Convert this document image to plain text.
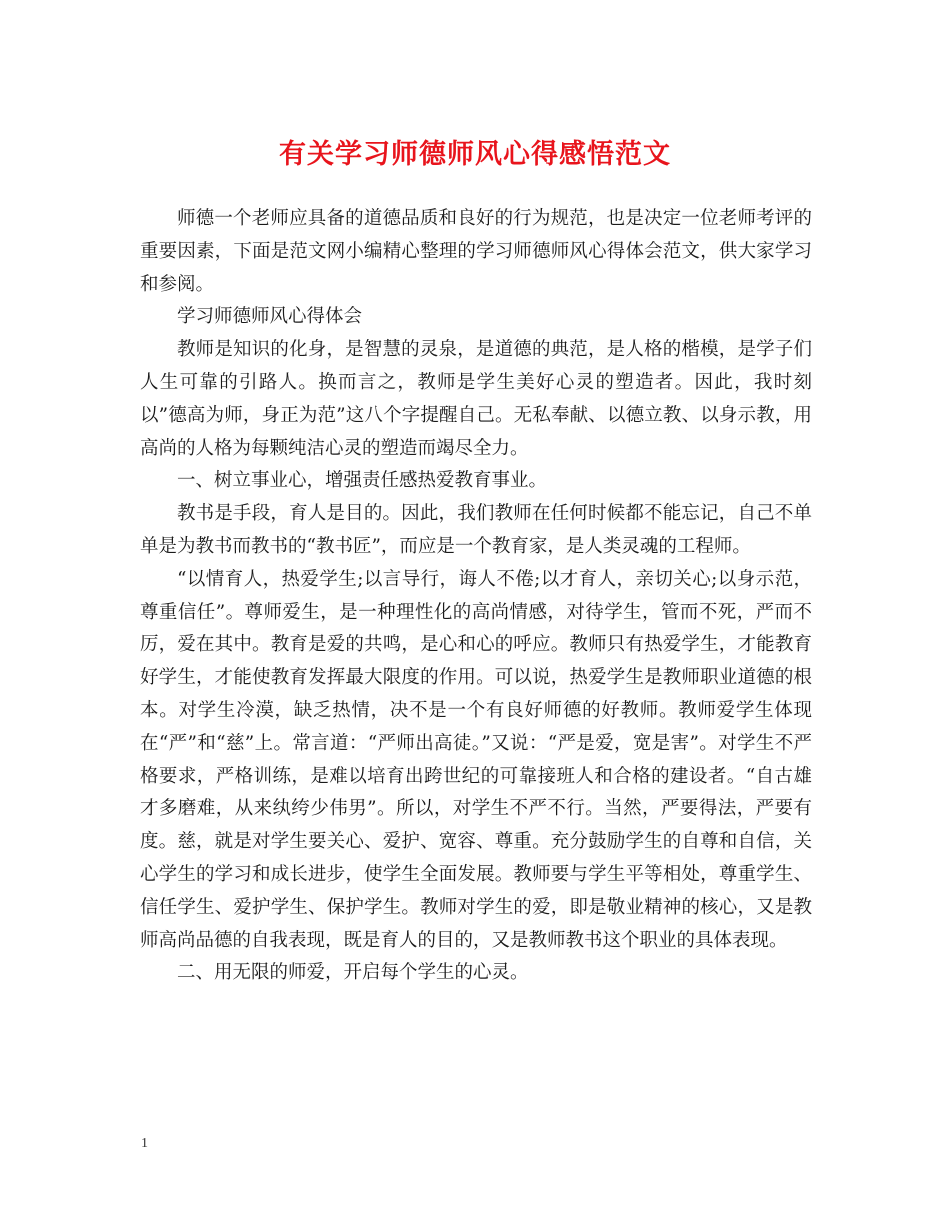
有关学习师德师风心得感悟范文

师德一个老师应具备的道德品质和良好的行为规范，也是决定一位老师考评的重要因素，下面是范文网小编精心整理的学习师德师风心得体会范文，供大家学习和参阅。

学习师德师风心得体会

教师是知识的化身，是智慧的灵泉，是道德的典范，是人格的楷模，是学子们人生可靠的引路人。换而言之，教师是学生美好心灵的塑造者。因此，我时刻以”德高为师，身正为范”这八个字提醒自己。无私奉献、以德立教、以身示教，用高尚的人格为每颗纯洁心灵的塑造而竭尽全力。

一、树立事业心，增强责任感热爱教育事业。

教书是手段，育人是目的。因此，我们教师在任何时候都不能忘记，自己不单单是为教书而教书的“教书匠”，而应是一个教育家，是人类灵魂的工程师。

“以情育人，热爱学生;以言导行，诲人不倦;以才育人，亲切关心;以身示范，尊重信任”。尊师爱生，是一种理性化的高尚情感，对待学生，管而不死，严而不厉，爱在其中。教育是爱的共鸣，是心和心的呼应。教师只有热爱学生，才能教育好学生，才能使教育发挥最大限度的作用。可以说，热爱学生是教师职业道德的根本。对学生冷漠，缺乏热情，决不是一个有良好师德的好教师。教师爱学生体现在“严”和“慈”上。常言道：“严师出高徒。”又说：“严是爱，宽是害”。对学生不严格要求，严格训练，是难以培育出跨世纪的可靠接班人和合格的建设者。“自古雄才多磨难，从来纨绔少伟男”。所以，对学生不严不行。当然，严要得法，严要有度。慈，就是对学生要关心、爱护、宽容、尊重。充分鼓励学生的自尊和自信，关心学生的学习和成长进步，使学生全面发展。教师要与学生平等相处，尊重学生、信任学生、爱护学生、保护学生。教师对学生的爱，即是敬业精神的核心，又是教师高尚品德的自我表现，既是育人的目的，又是教师教书这个职业的具体表现。

二、用无限的师爱，开启每个学生的心灵。

1
